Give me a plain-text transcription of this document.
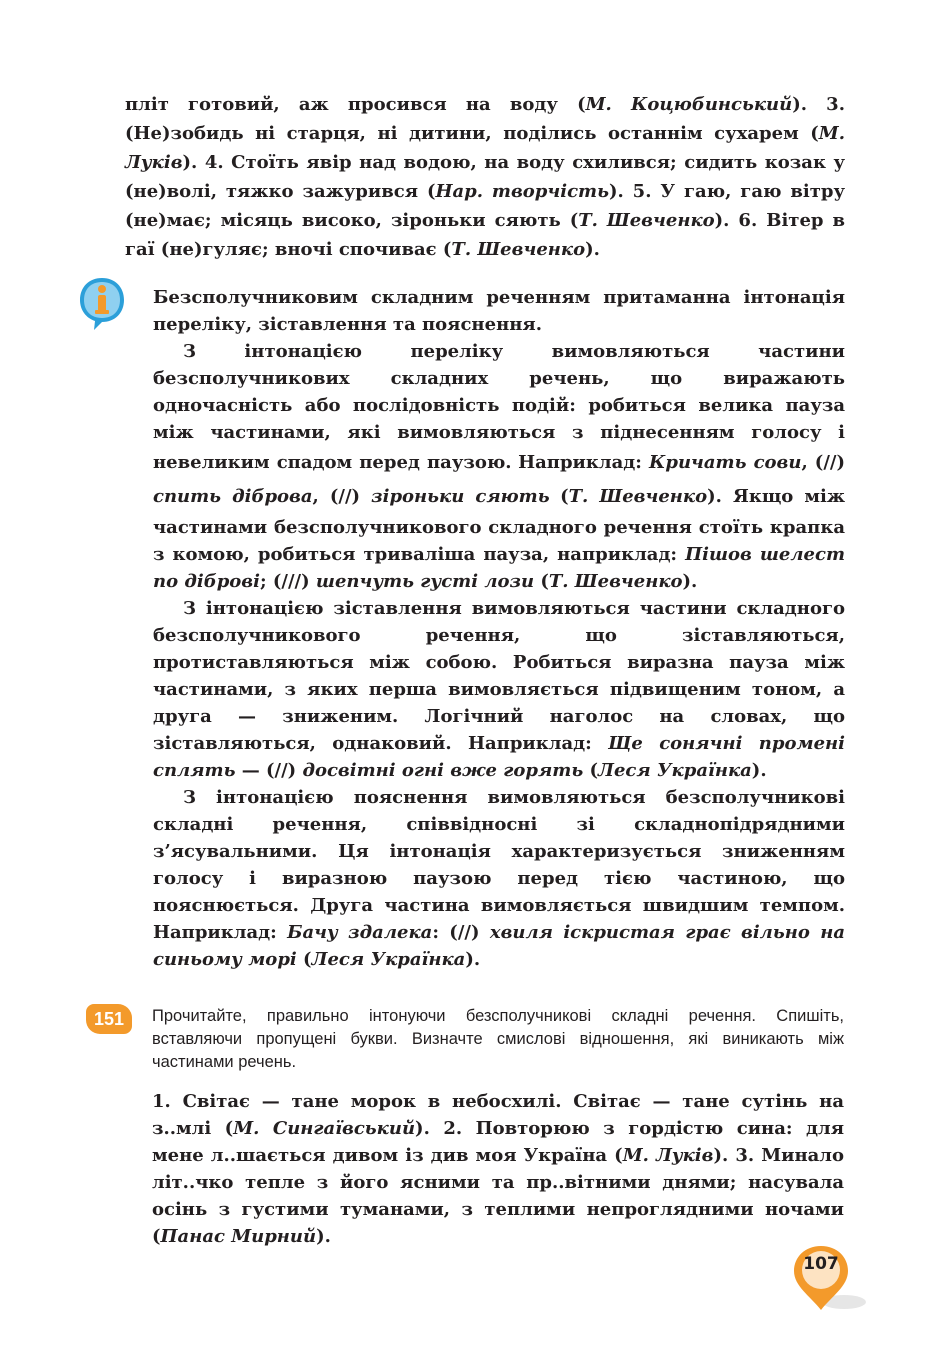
пліт готовий, аж просився на воду (М. Коцюбинський). 3. (Не)зобидь ні старця, ні дитини, поділись останнім сухарем (М. Луків). 4. Стоїть явір над водою, на воду схилився; сидить козак у (не)волі, тяжко зажурився (Нар. творчість). 5. У гаю, гаю вітру (не)має; місяць високо, зіроньки сяють (Т. Шевченко). 6. Вітер в гаї (не)гуляє; вночі спочиває (Т. Шевченко).

Безсполучниковим складним реченням притаманна інтонація переліку, зіставлення та пояснення.

З інтонацією переліку вимовляються частини безсполучникових складних речень, що виражають одночасність або послідовність подій: робиться велика пауза між частинами, які вимовляються з піднесенням голосу і невеликим спадом перед паузою. Наприклад: Кричать сови, (//) спить діброва, (//) зіроньки сяють (Т. Шевченко). Якщо між частинами безсполучникового складного речення стоїть крапка з комою, робиться триваліша пауза, наприклад: Пішов шелест по діброві; (///) шепчуть густі лози (Т. Шевченко).

З інтонацією зіставлення вимовляються частини складного безсполучникового речення, що зіставляються, протиставляються між собою. Робиться виразна пауза між частинами, з яких перша вимовляється підвищеним тоном, а друга — зниженим. Логічний наголос на словах, що зіставляються, однаковий. Наприклад: Ще сонячні промені сплять — (//) досвітні огні вже горять (Леся Українка).

З інтонацією пояснення вимовляються безсполучникові складні речення, співвідносні зі складнопідрядними з’ясувальними. Ця інтонація характеризується зниженням голосу і виразною паузою перед тією частиною, що пояснюється. Друга частина вимовляється швидшим темпом. Наприклад: Бачу здалека: (//) хвиля іскристая грає вільно на синьому морі (Леся Українка).

151	Прочитайте, правильно інтонуючи безсполучникові складні речення. Спишіть, вставляючи пропущені букви. Визначте смислові відношення, які виникають між частинами речень.

1. Світає — тане морок в небосхилі. Світає — тане сутінь на з..млі (М. Сингаївський). 2. Повторюю з гордістю сина: для мене л..шається дивом із див моя Україна (М. Луків). 3. Минало літ..чко тепле з його ясними та пр..вітними днями; насувала осінь з густими туманами, з теплими непроглядними ночами (Панас Мирний).

107
